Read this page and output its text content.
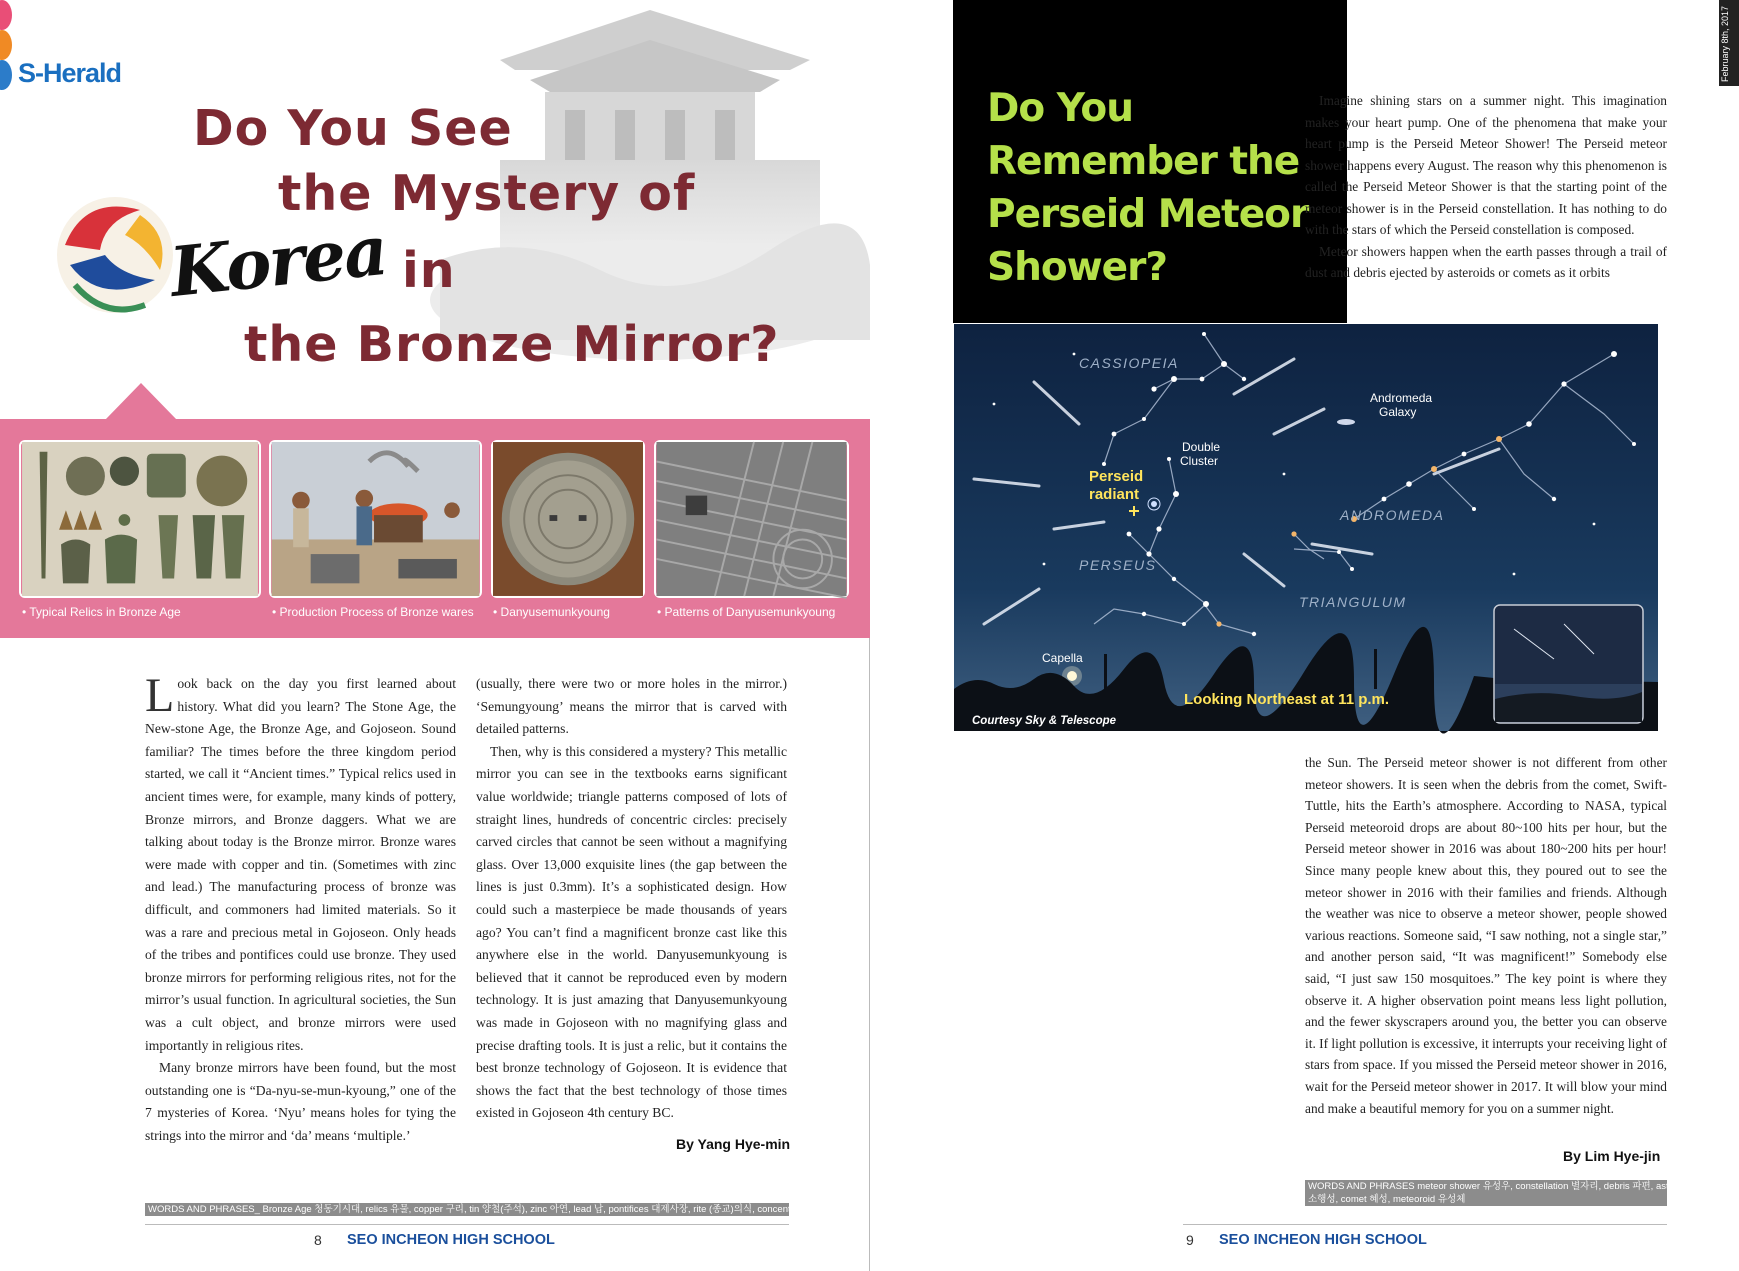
S-Herald
Do You See
the Mystery of
Korea in
the Bronze Mirror?
• Typical Relics in Bronze Age	• Production Process of Bronze wares • Danyusemunkyoung	• Patterns of Danyusemunkyoung

Look back on the day you first learned about history. What did you learn? The Stone Age, the New-stone Age, the Bronze Age, and Gojoseon. Sound familiar? The times before the three kingdom period started, we call it “Ancient times.” Typical relics used in ancient times were, for example, many kinds of pottery, Bronze mirrors, and Bronze daggers. What we are talking about today is the Bronze mirror. Bronze wares were made with copper and tin. (Sometimes with zinc and lead.) The manufacturing process of bronze was difficult, and commoners had limited materials. So it was a rare and precious metal in Gojoseon. Only heads of the tribes and pontifices could use bronze. They used bronze mirrors for performing religious rites, not for the mirror’s usual function. In agricultural societies, the Sun was a cult object, and bronze mirrors were used importantly in religious rites.

Many bronze mirrors have been found, but the most outstanding one is “Da-nyu-se-mun-kyoung,” one of the 7 mysteries of Korea. ‘Nyu’ means holes for tying the strings into the mirror and ‘da’ means ‘multiple.’

(usually, there were two or more holes in the mirror.) ‘Semungyoung’ means the mirror that is carved with detailed patterns.

Then, why is this considered a mystery? This metallic mirror you can see in the textbooks earns significant value worldwide; triangle patterns composed of lots of straight lines, hundreds of concentric circles: precisely carved circles that cannot be seen without a magnifying glass. Over 13,000 exquisite lines (the gap between the lines is just 0.3mm). It’s a sophisticated design. How could such a masterpiece be made thousands of years ago? You can’t find a magnificent bronze cast like this anywhere else in the world. Danyusemunkyoung is believed that it cannot be reproduced even by modern technology. It is just amazing that Danyusemunkyoung was made in Gojoseon with no magnifying glass and precise drafting tools. It is just a relic, but it contains the best bronze technology of Gojoseon. It is evidence that shows the fact that the best technology of those times existed in Gojoseon 4th century BC.

By Yang Hye-min
WORDS AND PHRASES_ Bronze Age 청동기시대, relics 유물, copper 구리, tin 양철(주석), zinc 아연, lead 납, pontifices 대제사장, rite (종교)의식, concentric circles 동심원
8 SEO INCHEON HIGH SCHOOL
Do You
Remember the
Perseid Meteor
Shower?
February 8th, 2017

Imagine shining stars on a summer night. This imagination makes your heart pump. One of the phenomena that make your heart pump is the Perseid Meteor Shower! The Perseid meteor shower happens every August. The reason why this phenomenon is called the Perseid Meteor Shower is that the starting point of the meteor shower is in the Perseid constellation. It has nothing to do with the stars of which the Perseid constellation is composed.

Meteor showers happen when the earth passes through a trail of dust and debris ejected by asteroids or comets as it orbits

CASSIOPEIA
Andromeda
Galaxy
Double
Cluster
Perseid
radiant
ANDROMEDA
PERSEUS
TRIANGULUM
Capella
Looking Northeast at 11 p.m.
Courtesy Sky & Telescope

the Sun. The Perseid meteor shower is not different from other meteor showers. It is seen when the debris from the comet, Swift-Tuttle, hits the Earth’s atmosphere. According to NASA, typical Perseid meteoroid drops are about 80~100 hits per hour, but the Perseid meteor shower in 2016 was about 180~200 hits per hour! Since many people knew about this, they poured out to see the meteor shower in 2016 with their families and friends. Although the weather was nice to observe a meteor shower, people showed various reactions. Someone said, “I saw nothing, not a single star,” and another person said, “It was magnificent!” Somebody else said, “I just saw 150 mosquitoes.” The key point is where they observe it. A higher observation point means less light pollution, and the fewer skyscrapers around you, the better you can observe it. If light pollution is excessive, it interrupts your receiving light of stars from space. If you missed the Perseid meteor shower in 2016, wait for the Perseid meteor shower in 2017. It will blow your mind and make a beautiful memory for you on a summer night.

By Lim Hye-jin
WORDS AND PHRASES meteor shower 유성우, constellation 별자리, debris 파편, asteroid
소행성, comet 혜성, meteoroid 유성체
9 SEO INCHEON HIGH SCHOOL
